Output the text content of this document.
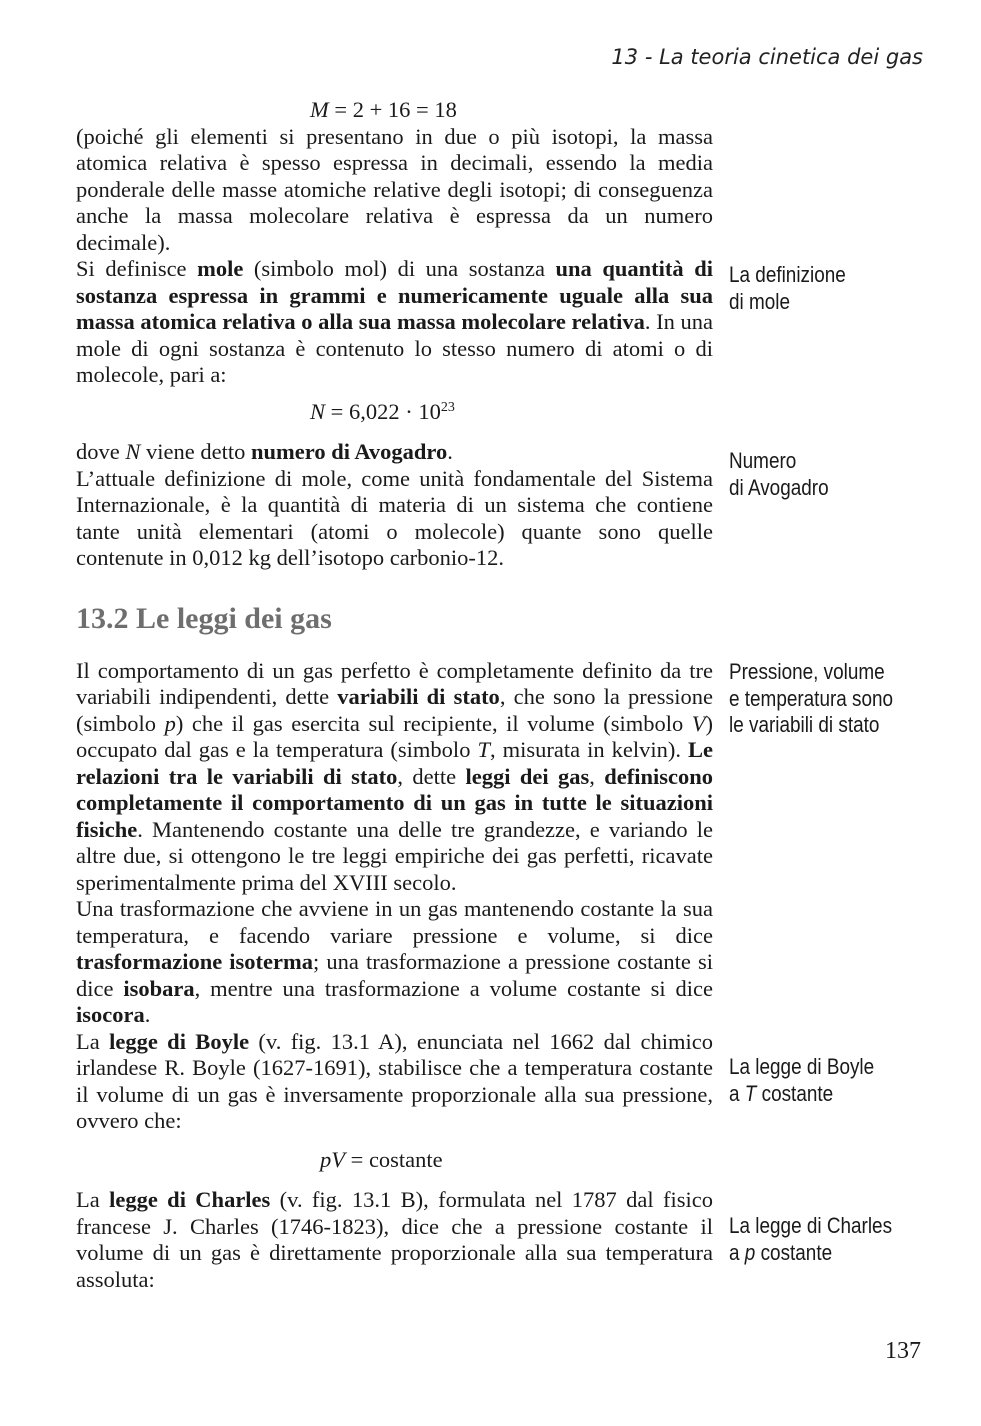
13 - La teoria cinetica dei gas
M = 2 + 16 = 18

(poiché gli elementi si presentano in due o più isotopi, la massa atomica relativa è spesso espressa in decimali, essendo la media ponderale delle masse atomiche relative degli isotopi; di conseguenza anche la massa molecolare relativa è espressa da un numero decimale).

Si definisce mole (simbolo mol) di una sostanza una quantità di sostanza espressa in grammi e numericamente uguale alla sua massa atomica relativa o alla sua massa molecolare relativa. In una mole di ogni sostanza è contenuto lo stesso numero di atomi o di molecole, pari a:

$N = 6,022 \cdot 10^{23}$

dove N viene detto numero di Avogadro.

L’attuale definizione di mole, come unità fondamentale del Sistema Internazionale, è la quantità di materia di un sistema che contiene tante unità elementari (atomi o molecole) quante sono quelle contenute in 0,012 kg dell’isotopo carbonio-12.

13.2 Le leggi dei gas

Il comportamento di un gas perfetto è completamente definito da tre variabili indipendenti, dette variabili di stato, che sono la pressione (simbolo p) che il gas esercita sul recipiente, il volume (simbolo V) occupato dal gas e la temperatura (simbolo T, misurata in kelvin). Le relazioni tra le variabili di stato, dette leggi dei gas, definiscono completamente il comportamento di un gas in tutte le situazioni fisiche. Mantenendo costante una delle tre grandezze, e variando le altre due, si ottengono le tre leggi empiriche dei gas perfetti, ricavate sperimentalmente prima del XVIII secolo.

Una trasformazione che avviene in un gas mantenendo costante la sua temperatura, e facendo variare pressione e volume, si dice trasformazione isoterma; una trasformazione a pressione costante si dice isobara, mentre una trasformazione a volume costante si dice isocora.

La legge di Boyle (v. fig. 13.1 A), enunciata nel 1662 dal chimico irlandese R. Boyle (1627-1691), stabilisce che a temperatura costante il volume di un gas è inversamente proporzionale alla sua pressione, ovvero che:

pV = costante

La legge di Charles (v. fig. 13.1 B), formulata nel 1787 dal fisico francese J. Charles (1746-1823), dice che a pressione costante il volume di un gas è direttamente proporzionale alla sua temperatura assoluta:

La definizione
di mole
Numero
di Avogadro
Pressione, volume
e temperatura sono
le variabili di stato
La legge di Boyle
a T costante
La legge di Charles
a p costante
137
